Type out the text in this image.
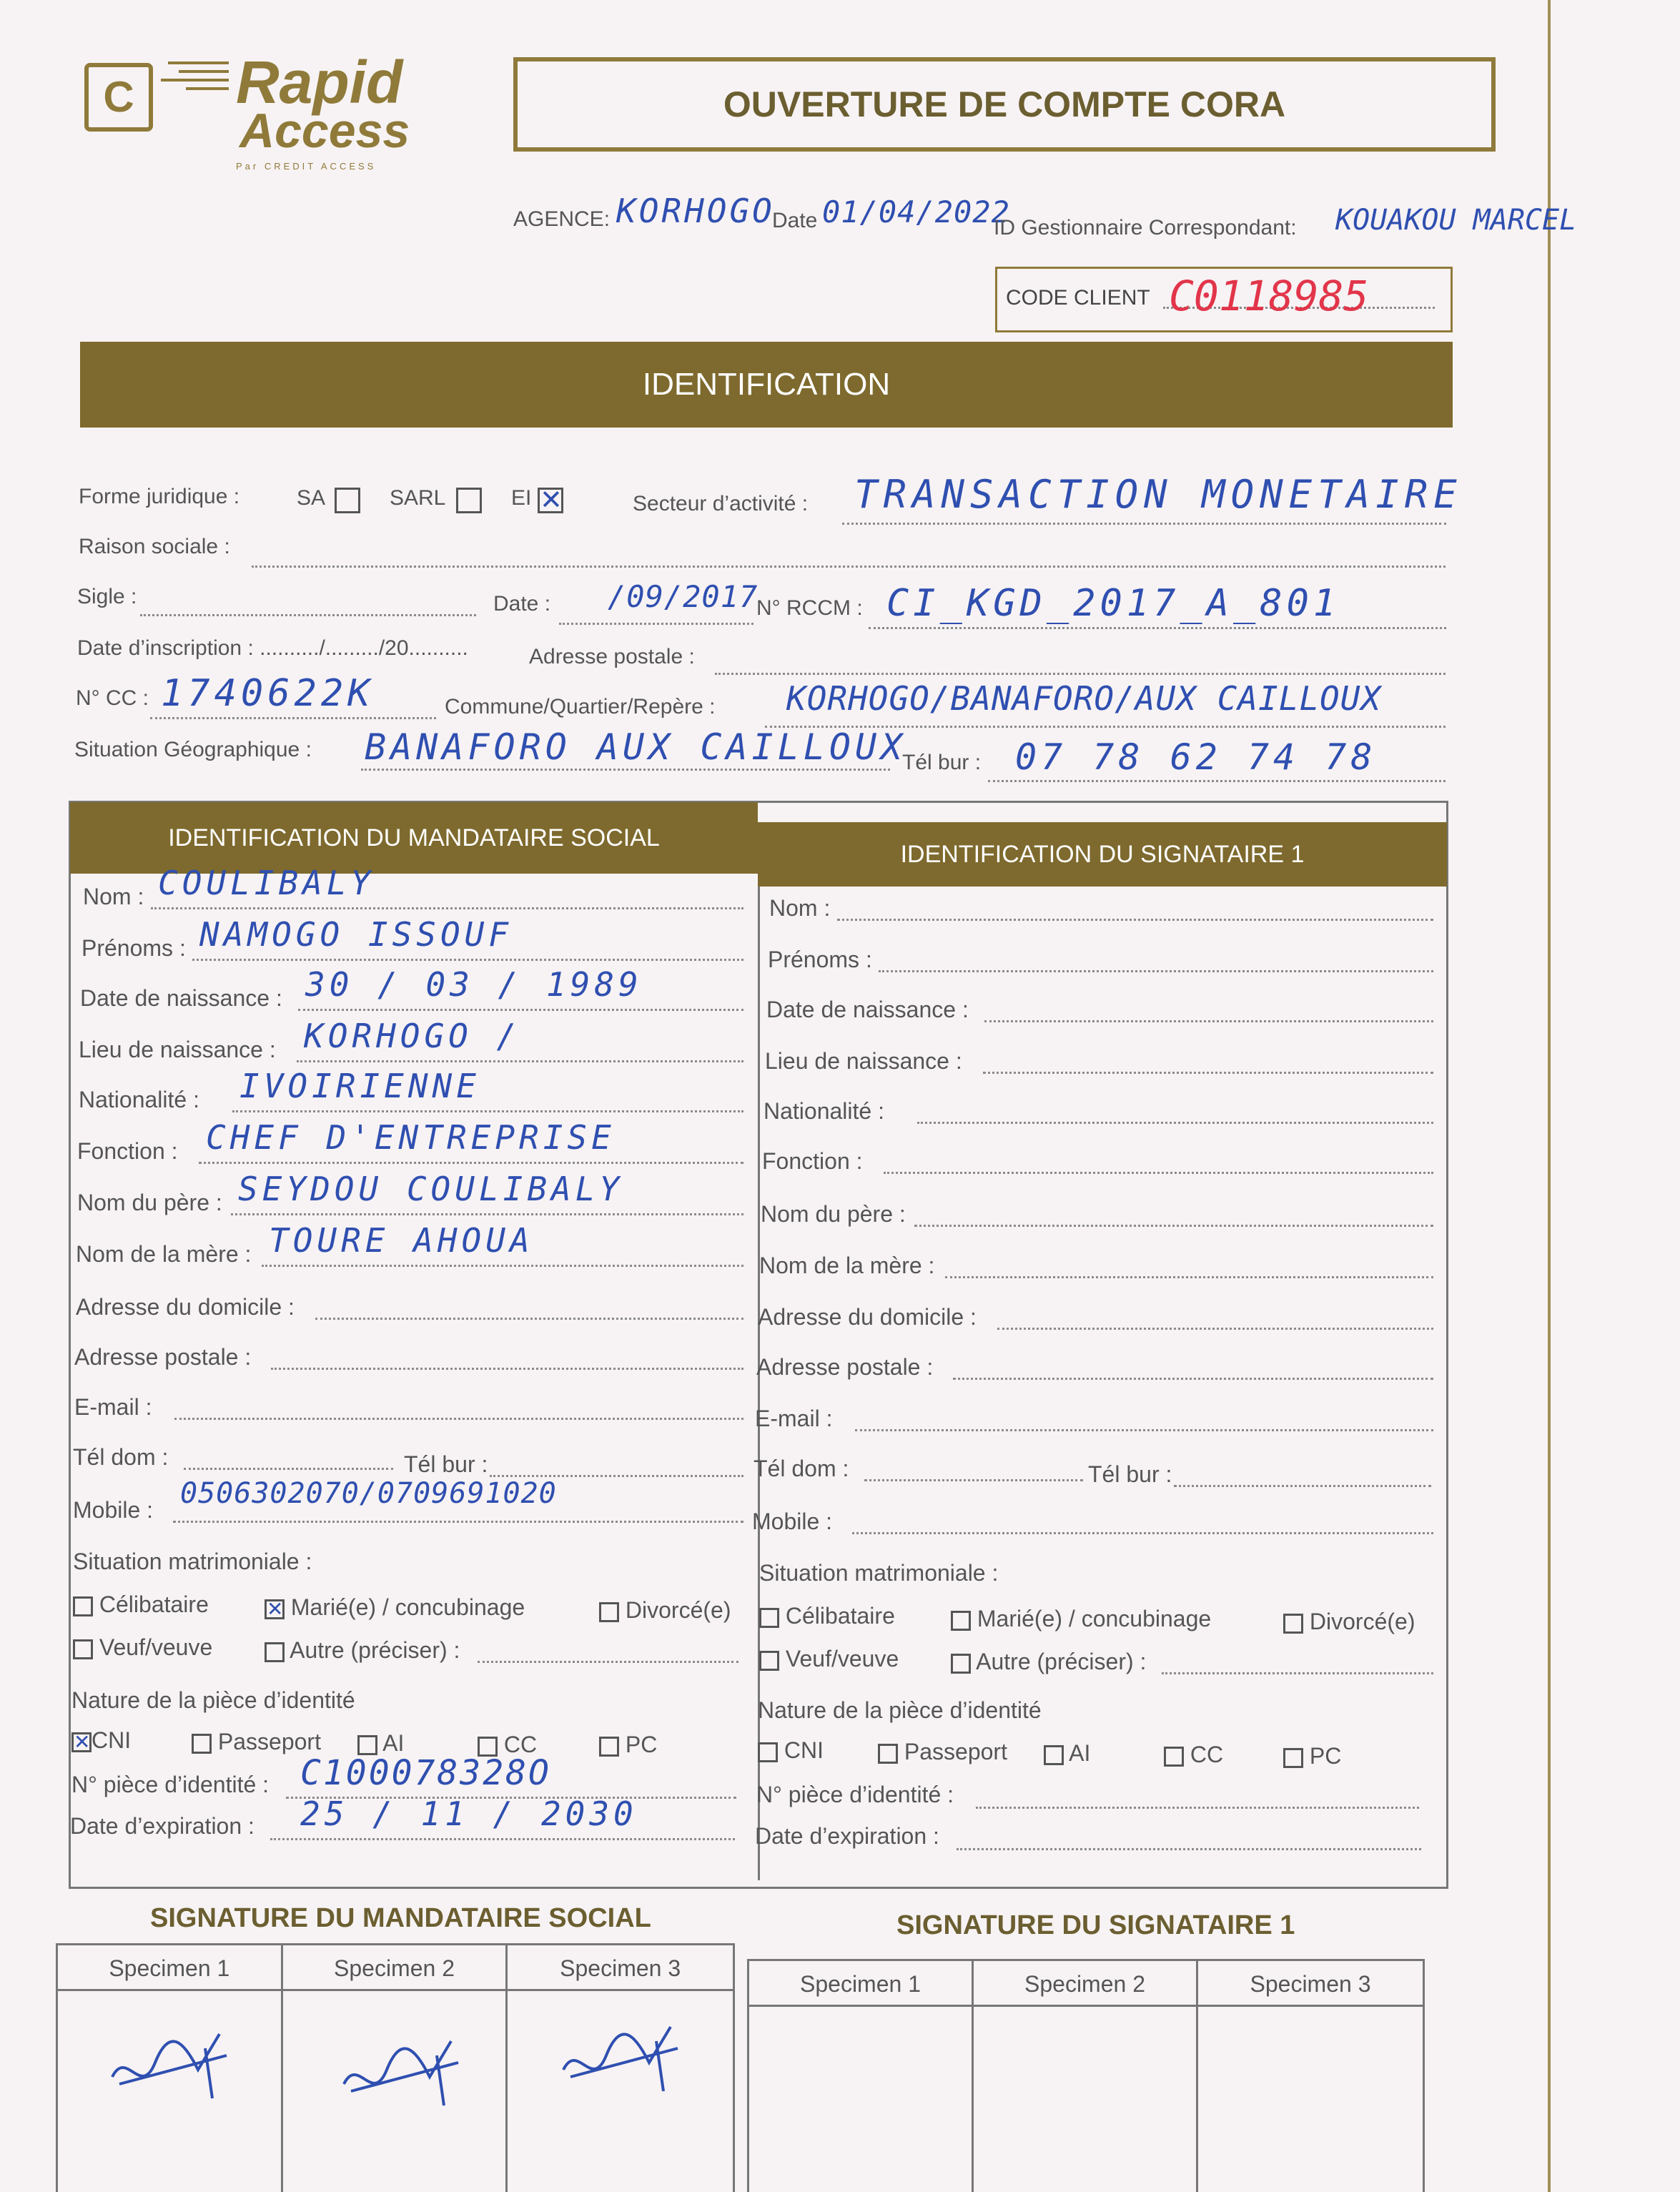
C Rapid
Access
Par CREDIT ACCESS
OUVERTURE DE COMPTE CORA
AGENCE: KORHOGO
Date 01/04/2022
ID Gestionnaire Correspondant: KOUAKOU MARCEL
CODE CLIENT C0118985
IDENTIFICATION
Forme juridique :	SA	SARL	EI ✕	Secteur d’activité : TRANSACTION MONETAIRE
Raison sociale :
Sigle :	Date : /09/2017
N° RCCM : CI_KGD_2017_A_801
Date d’inscription : ........../........./20..........	Adresse postale :
N° CC : 1740622K	Commune/Quartier/Repère : KORHOGO/BANAFORO/AUX CAILLOUX
Situation Géographique : BANAFORO AUX CAILLOUX
Tél bur : 07 78 62 74 78
IDENTIFICATION DU MANDATAIRE SOCIAL
IDENTIFICATION DU SIGNATAIRE 1
Nom : COULIBALY
Prénoms : NAMOGO ISSOUF
Date de naissance : 30 / 03 / 1989
Lieu de naissance : KORHOGO /
Nationalité : IVOIRIENNE
Fonction : CHEF D'ENTREPRISE
Nom du père : SEYDOU COULIBALY
Nom de la mère : TOURE AHOUA
Adresse du domicile :
Adresse postale :
E-mail :
Tél dom :
Mobile : 0506302070/0709691020
Nom :
Prénoms :
Date de naissance :
Lieu de naissance :
Nationalité :
Fonction :
Nom du père :
Nom de la mère :
Adresse du domicile :
Adresse postale :
E-mail :
Tél dom :
Mobile :
Tél bur :	Tél bur :
Situation matrimoniale :
Célibataire	✕ Marié(e) / concubinage	Divorcé(e)
Veuf/veuve	Autre (préciser) :
Nature de la pièce d’identité
✕CNI	Passeport	AI	CC	PC
N° pièce d’identité : C100078328O
Date d’expiration : 25 / 11 / 2030
Situation matrimoniale :
Célibataire	Marié(e) / concubinage	Divorcé(e)
Veuf/veuve	Autre (préciser) :
Nature de la pièce d’identité
CNI	Passeport	AI	CC	PC
N° pièce d’identité :
Date d’expiration :
SIGNATURE DU MANDATAIRE SOCIAL	SIGNATURE DU SIGNATAIRE 1
Specimen 1	Specimen 2	Specimen 3
Specimen 1	Specimen 2	Specimen 3
